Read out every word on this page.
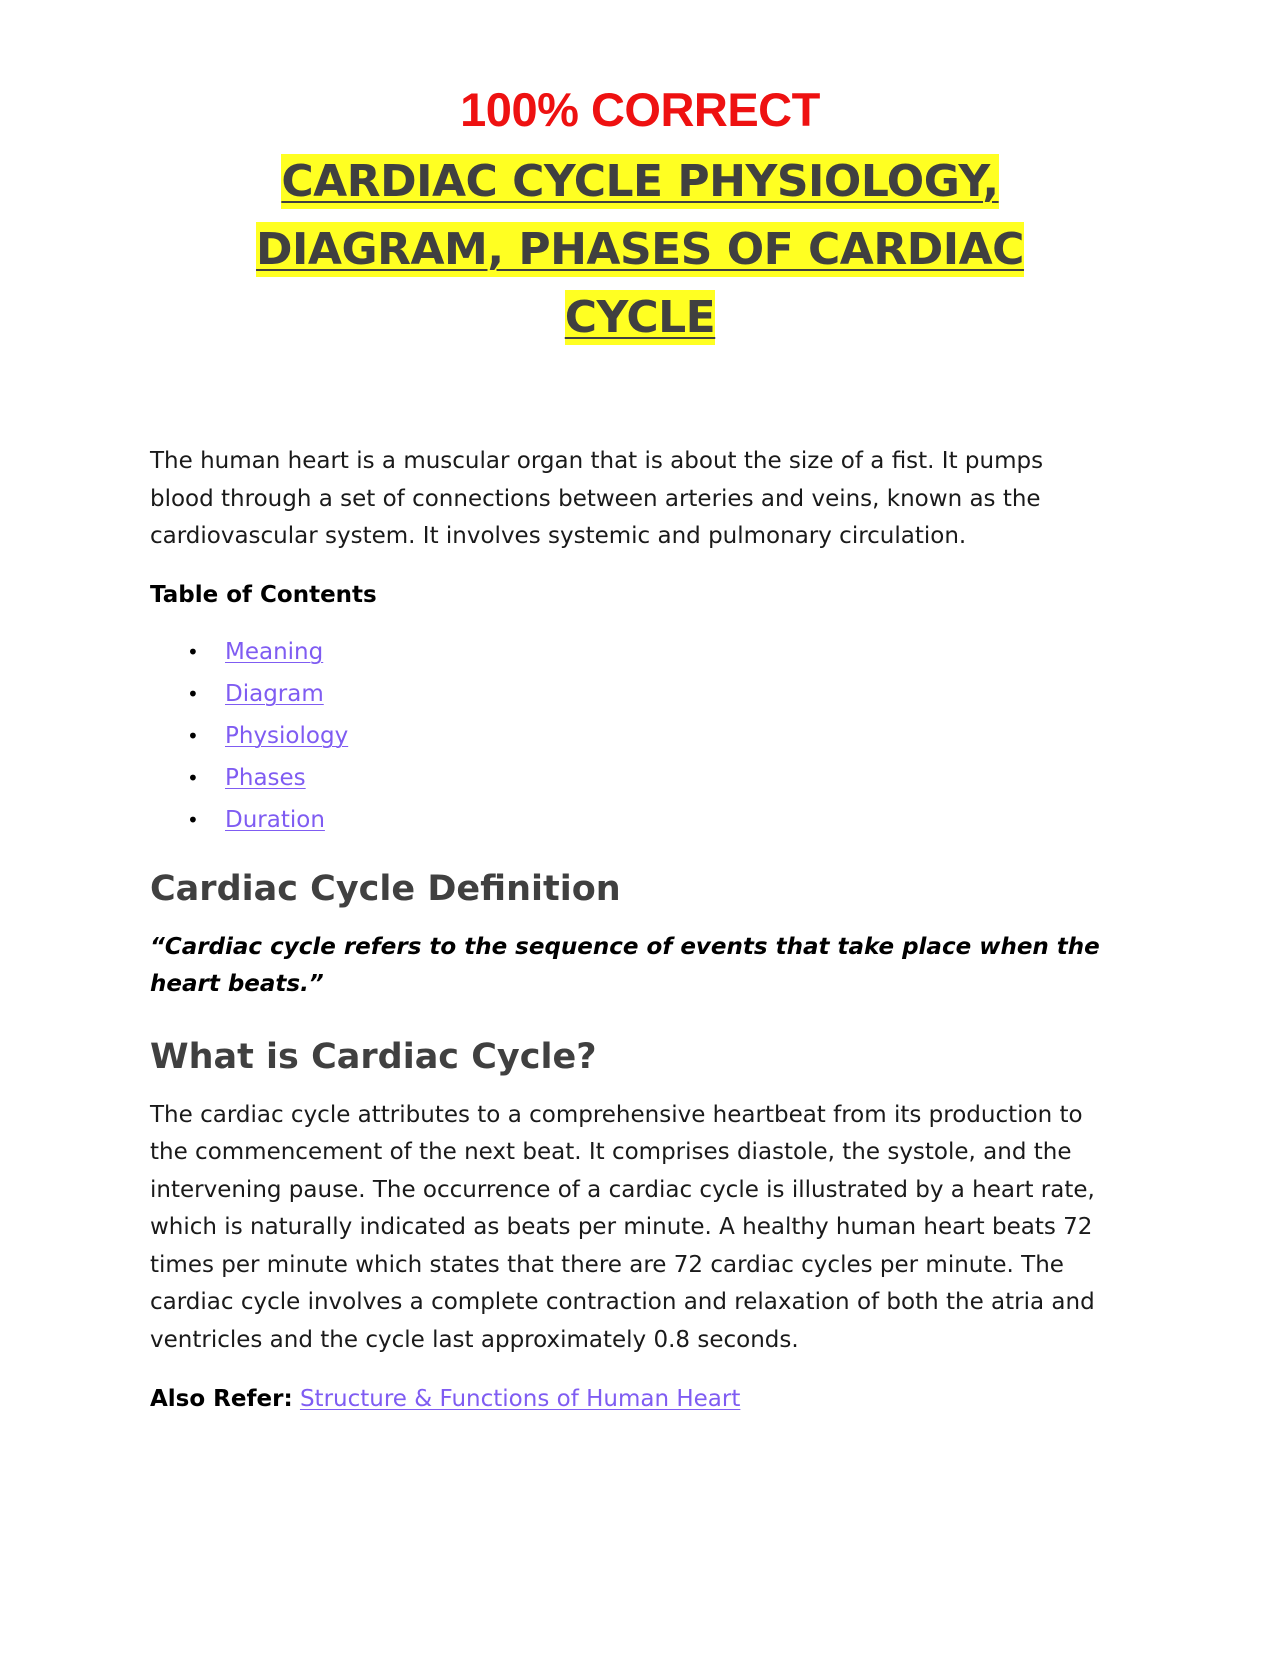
100% CORRECT
CARDIAC CYCLE PHYSIOLOGY,
DIAGRAM, PHASES OF CARDIAC
CYCLE

The human heart is a muscular organ that is about the size of a fist. It pumps blood through a set of connections between arteries and veins, known as the cardiovascular system. It involves systemic and pulmonary circulation.

Table of Contents
• Meaning
• Diagram
• Physiology
• Phases
• Duration
Cardiac Cycle Definition

“Cardiac cycle refers to the sequence of events that take place when the heart beats.”

What is Cardiac Cycle?

The cardiac cycle attributes to a comprehensive heartbeat from its production to the commencement of the next beat. It comprises diastole, the systole, and the intervening pause. The occurrence of a cardiac cycle is illustrated by a heart rate, which is naturally indicated as beats per minute. A healthy human heart beats 72 times per minute which states that there are 72 cardiac cycles per minute. The cardiac cycle involves a complete contraction and relaxation of both the atria and ventricles and the cycle last approximately 0.8 seconds.

Also Refer: Structure & Functions of Human Heart
